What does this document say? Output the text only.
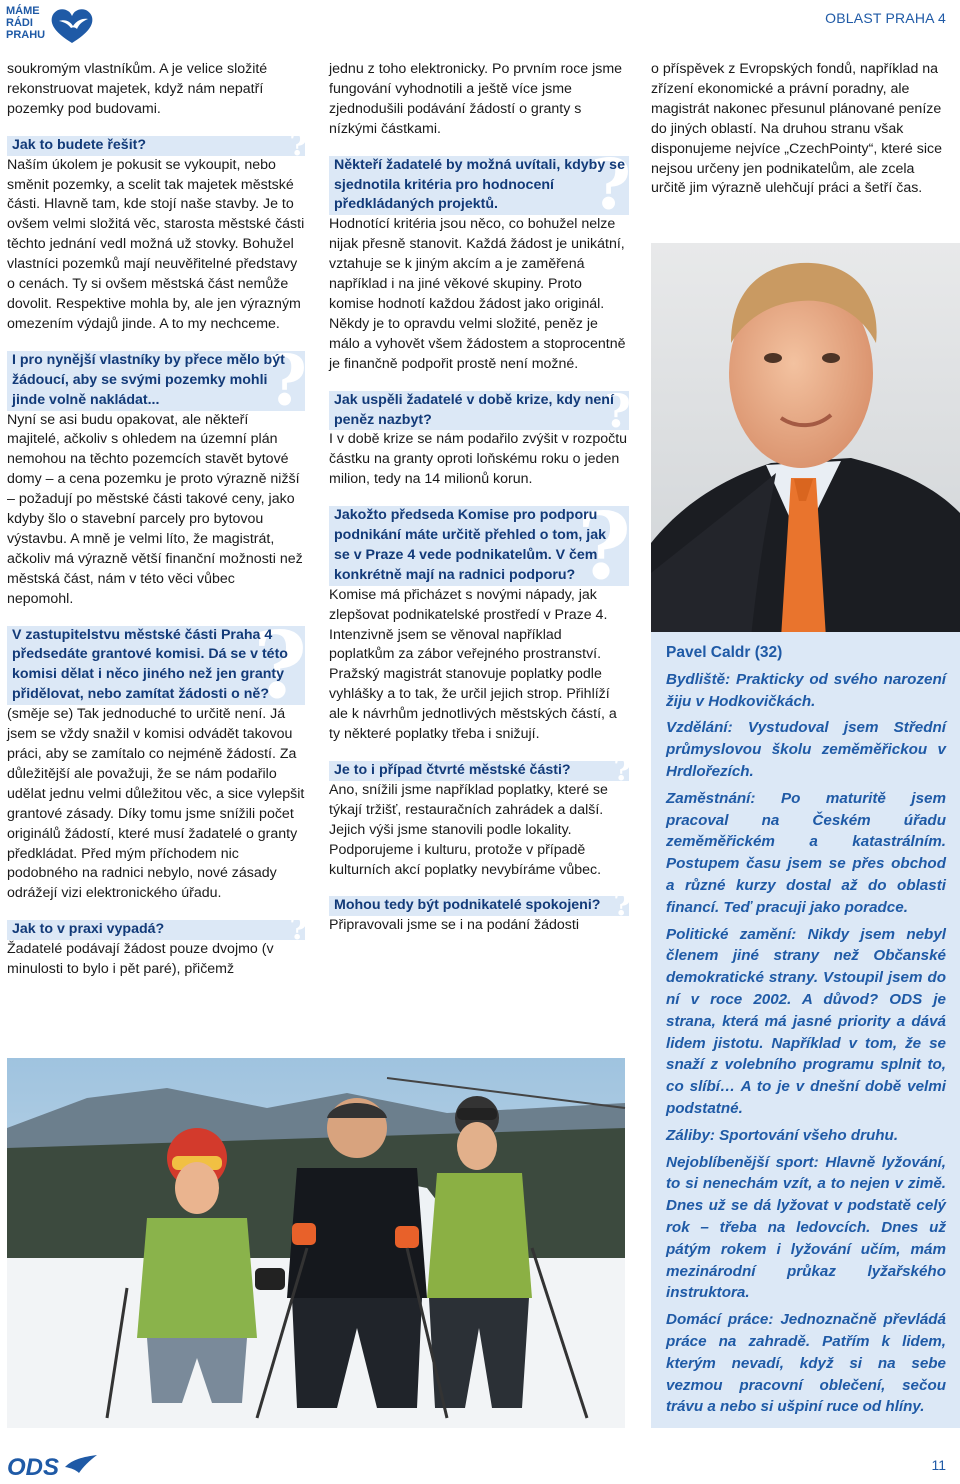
MÁME
RÁDI
PRAHU
OBLAST PRAHA 4

soukromým vlastníkům. A je velice složité rekonstruovat majetek, když nám nepatří pozemky pod budovami.

Jak to budete řešit?	?

Naším úkolem je pokusit se vykoupit, nebo směnit pozemky, a scelit tak majetek městské části. Hlavně tam, kde stojí naše stavby. Je to ovšem velmi složitá věc, starosta městské části těchto jednání vedl možná už stovky. Bohužel vlastníci pozemků mají neuvěřitelné představy o cenách. Ty si ovšem městská část nemůže dovolit. Respektive mohla by, ale jen výrazným omezením výdajů jinde. A to my nechceme.

I pro nynější vlastníky by přece mělo být žádoucí, aby se svými pozemky mohli jinde volně nakládat...	?

Nyní se asi budu opakovat, ale někteří majitelé, ačkoliv s ohledem na územní plán nemohou na těchto pozemcích stavět bytové domy – a cena pozemku je proto výrazně nižší – požadují po městské části takové ceny, jako kdyby šlo o stavební parcely pro bytovou výstavbu. A mně je velmi líto, že magistrát, ačkoliv má výrazně větší finanční možnosti než městská část, nám v této věci vůbec nepomohl.

V zastupitelstvu městské části Praha 4 předsedáte grantové komisi. Dá se v této komisi dělat i něco jiného než jen granty přidělovat, nebo zamítat žádosti o ně?
?

(směje se) Tak jednoduché to určitě není. Já jsem se vždy snažil v komisi odvádět takovou práci, aby se zamítalo co nejméně žádostí. Za důležitější ale považuji, že se nám podařilo udělat jednu velmi důležitou věc, a sice vylepšit grantové zásady. Díky tomu jsme snížili počet originálů žádostí, které musí žadatelé o granty předkládat. Před mým příchodem nic podobného na radnici nebylo, nové zásady odrážejí vizi elektronického úřadu.

Jak to v praxi vypadá?	?

Žadatelé podávají žádost pouze dvojmo (v minulosti to bylo i pět paré), přičemž

jednu z toho elektronicky. Po prvním roce jsme fungování vyhodnotili a ještě více jsme zjednodušili podávání žádostí o granty s nízkými částkami.

Někteří žadatelé by možná uvítali, kdyby se sjednotila kritéria pro hodnocení předkládaných projektů.	?

Hodnotící kritéria jsou něco, co bohužel nelze nijak přesně stanovit. Každá žádost je unikátní, vztahuje se k jiným akcím a je zaměřená například i na jiné věkové skupiny. Proto komise hodnotí každou žádost jako originál. Někdy je to opravdu velmi složité, peněz je málo a vyhovět všem žádostem a stoprocentně je finančně podpořit prostě není možné.

Jak uspěli žadatelé v době krize, kdy není peněz nazbyt?	?

I v době krize se nám podařilo zvýšit v rozpočtu částku na granty oproti loňskému roku o jeden milion, tedy na 14 milionů korun.

Jakožto předseda Komise pro podporu podnikání máte určitě přehled o tom, jak se v Praze 4 vede podnikatelům. V čem konkrétně mají na radnici podporu? ?

Komise má přicházet s novými nápady, jak zlepšovat podnikatelské prostředí v Praze 4. Intenzivně jsem se věnoval například poplatkům za zábor veřejného prostranství. Pražský magistrát stanovuje poplatky podle vyhlášky a to tak, že určil jejich strop. Přihlíží ale k návrhům jednotlivých městských částí, a ty některé poplatky třeba i snižují.

Je to i případ čtvrté městské části?	?

Ano, snížili jsme například poplatky, které se týkají tržišť, restauračních zahrádek a další. Jejich výši jsme stanovili podle lokality. Podporujeme i kulturu, protože v případě kulturních akcí poplatky nevybíráme vůbec.

Mohou tedy být podnikatelé spokojeni? ?

Připravovali jsme se i na podání žádosti

o příspěvek z Evropských fondů, například na zřízení ekonomické a právní poradny, ale magistrát nakonec přesunul plánované peníze do jiných oblastí. Na druhou stranu však disponujeme nejvíce „CzechPointy“, které sice nejsou určeny jen podnikatelům, ale zcela určitě jim výrazně ulehčují práci a šetří čas.

Pavel Caldr (32)

Bydliště: Prakticky od svého narození žiju v Hodkovičkách.

Vzdělání: Vystudoval jsem Střední průmyslovou školu zeměměřickou v Hrdlořezích.

Zaměstnání: Po maturitě jsem pracoval na Českém úřadu zeměměřickém a katastrálním. Postupem času jsem se přes obchod a různé kurzy dostal až do oblasti financí. Teď pracuji jako poradce.

Politické zamění: Nikdy jsem nebyl členem jiné strany než Občanské demokratické strany. Vstoupil jsem do ní v roce 2002. A důvod? ODS je strana, která má jasné priority a dává lidem jistotu. Například v tom, že se snaží z volebního programu splnit to, co slíbí… A to je v dnešní době velmi podstatné.

Záliby: Sportování všeho druhu.

Nejoblíbenější sport: Hlavně lyžování, to si nenechám vzít, a to nejen v zimě. Dnes už se dá lyžovat v podstatě celý rok – třeba na ledovcích. Dnes už pátým rokem i lyžování učím, mám mezinárodní průkaz lyžařského instruktora.

Domácí práce: Jednoznačně převládá práce na zahradě. Patřím k lidem, kterým nevadí, když si na sebe vezmou pracovní oblečení, sečou trávu a nebo si ušpiní ruce od hlíny.

ODS	11
